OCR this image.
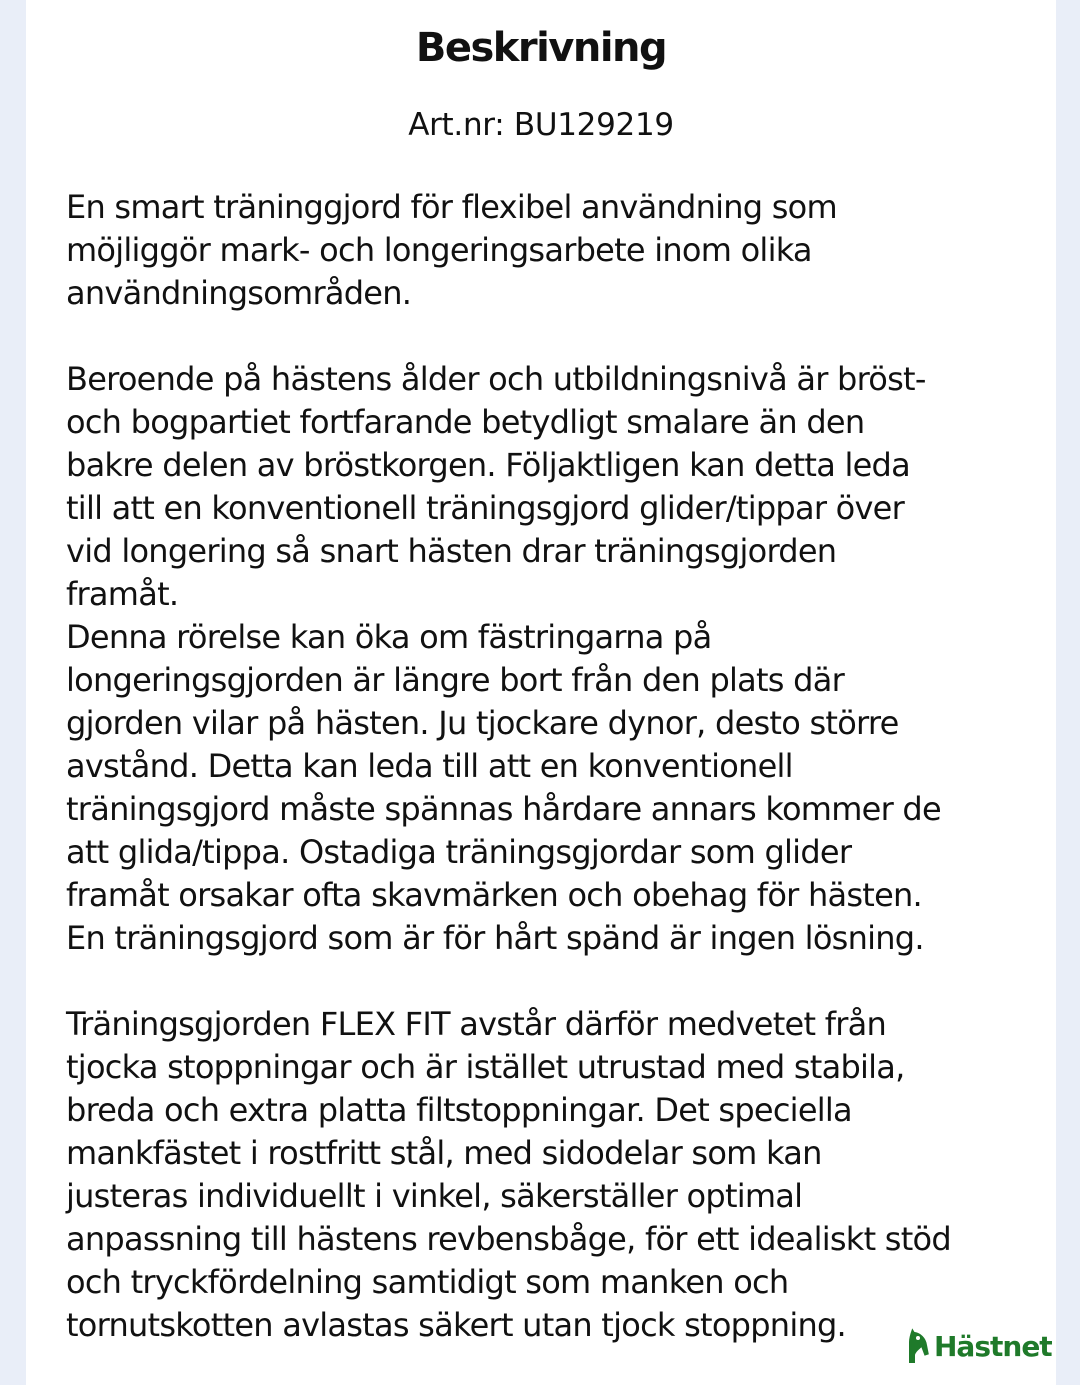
Beskrivning
Art.nr: BU129219
En smart träninggjord för flexibel användning som
möjliggör mark- och longeringsarbete inom olika
användningsområden.
Beroende på hästens ålder och utbildningsnivå är bröst-
och bogpartiet fortfarande betydligt smalare än den
bakre delen av bröstkorgen. Följaktligen kan detta leda
till att en konventionell träningsgjord glider/tippar över
vid longering så snart hästen drar träningsgjorden
framåt.
Denna rörelse kan öka om fästringarna på
longeringsgjorden är längre bort från den plats där
gjorden vilar på hästen. Ju tjockare dynor, desto större
avstånd. Detta kan leda till att en konventionell
träningsgjord måste spännas hårdare annars kommer de
att glida/tippa. Ostadiga träningsgjordar som glider
framåt orsakar ofta skavmärken och obehag för hästen.
En träningsgjord som är för hårt spänd är ingen lösning.
Träningsgjorden FLEX FIT avstår därför medvetet från
tjocka stoppningar och är istället utrustad med stabila,
breda och extra platta filtstoppningar. Det speciella
mankfästet i rostfritt stål, med sidodelar som kan
justeras individuellt i vinkel, säkerställer optimal
anpassning till hästens revbensbåge, för ett idealiskt stöd
och tryckfördelning samtidigt som manken och
tornutskotten avlastas säkert utan tjock stoppning.
Hästnet
